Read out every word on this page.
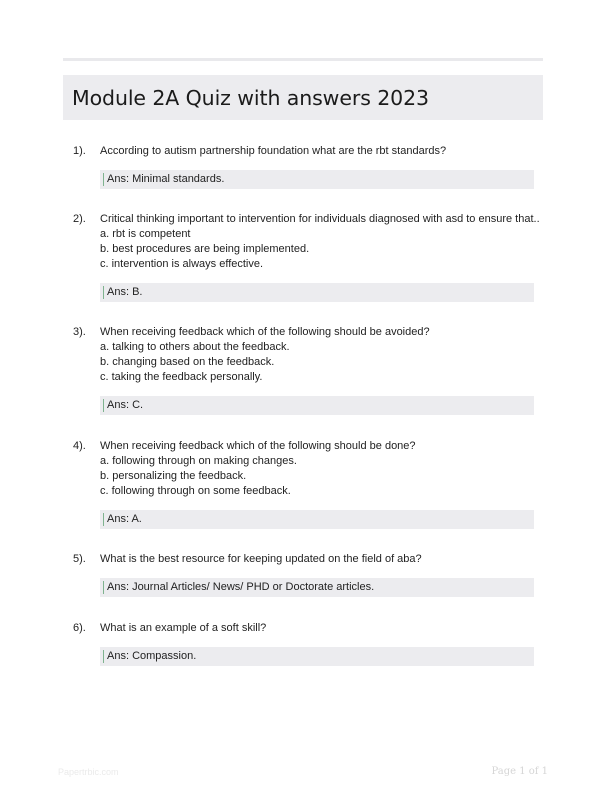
Module 2A Quiz with answers 2023
1). According to autism partnership foundation what are the rbt standards?
Ans: Minimal standards.
2). Critical thinking important to intervention for individuals diagnosed with asd to ensure that..
a. rbt is competent
b. best procedures are being implemented.
c. intervention is always effective.
Ans: B.
3). When receiving feedback which of the following should be avoided?
a. talking to others about the feedback.
b. changing based on the feedback.
c. taking the feedback personally.
Ans: C.
4). When receiving feedback which of the following should be done?
a. following through on making changes.
b. personalizing the feedback.
c. following through on some feedback.
Ans: A.
5). What is the best resource for keeping updated on the field of aba?
Ans: Journal Articles/ News/ PHD or Doctorate articles.
6). What is an example of a soft skill?
Ans: Compassion.
Papertrbic.com	Page 1 of 1
